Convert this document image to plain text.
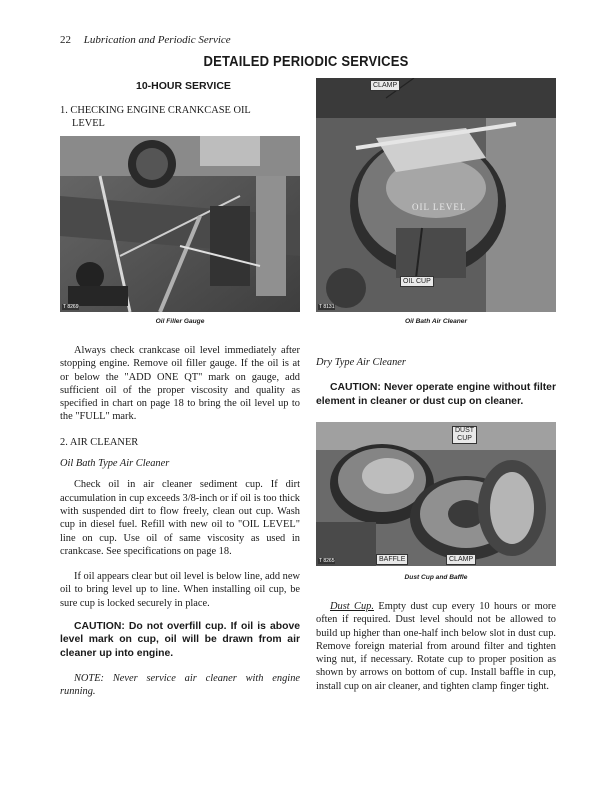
22 Lubrication and Periodic Service
DETAILED PERIODIC SERVICES
10-HOUR SERVICE
1. CHECKING ENGINE CRANKCASE OIL
LEVEL
T 8269
Oil Filler Gauge
CLAMP
OIL LEVEL
OIL CUP
T 8131
Oil Bath Air Cleaner

Always check crankcase oil level immediately after stopping engine. Remove oil filler gauge. If the oil is at or below the "ADD ONE QT" mark on gauge, add sufficient oil of the proper viscosity and quality as specified in chart on page 18 to bring the oil level up to the "FULL" mark.

2. AIR CLEANER

Oil Bath Type Air Cleaner

Check oil in air cleaner sediment cup. If dirt accumulation in cup exceeds 3/8-inch or if oil is too thick with suspended dirt to flow freely, clean out cup. Wash cup in diesel fuel. Refill with new oil to "OIL LEVEL" line on cup. Use oil of same viscosity as used in crankcase. See specifications on page 18.

If oil appears clear but oil level is below line, add new oil to bring level up to line. When installing oil cup, be sure cup is locked securely in place.

CAUTION: Do not overfill cup. If oil is above level mark on cup, oil will be drawn from air cleaner up into engine.

NOTE: Never service air cleaner with engine running.

Dry Type Air Cleaner

CAUTION: Never operate engine without filter element in cleaner or dust cup on cleaner.

DUST
CUP
BAFFLE	CLAMP
T 8265
Dust Cup and Baffle

Dust Cup. Empty dust cup every 10 hours or more often if required. Dust level should not be allowed to build up higher than one-half inch below slot in dust cup. Remove foreign material from around filter and tighten wing nut, if necessary. Rotate cup to proper position as shown by arrows on bottom of cup. Install baffle in cup, install cup on air cleaner, and tighten clamp finger tight.
